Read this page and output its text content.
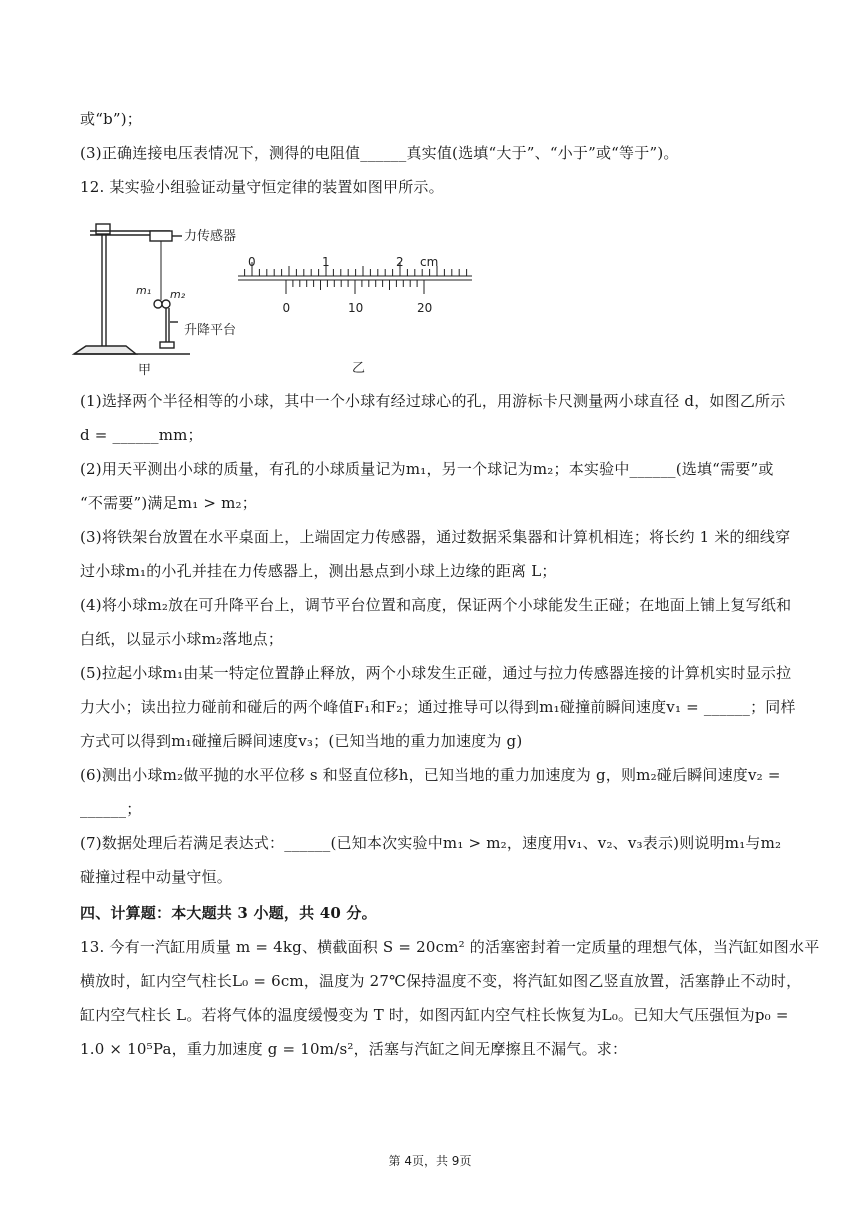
或“b”)；
(3)正确连接电压表情况下，测得的电阻值______真实值(选填“大于”、“小于”或“等于”)。
12. 某实验小组验证动量守恒定律的装置如图甲所示。
力传感器
升降平台
m₁ m₂
甲
0	1	2
0	10	20
cm
乙
(1)选择两个半径相等的小球，其中一个小球有经过球心的孔，用游标卡尺测量两小球直径 d，如图乙所示
d = ______mm；
(2)用天平测出小球的质量，有孔的小球质量记为m₁，另一个球记为m₂；本实验中______(选填“需要”或
“不需要”)满足m₁ > m₂；
(3)将铁架台放置在水平桌面上，上端固定力传感器，通过数据采集器和计算机相连；将长约 1 米的细线穿
过小球m₁的小孔并挂在力传感器上，测出悬点到小球上边缘的距离 L；
(4)将小球m₂放在可升降平台上，调节平台位置和高度，保证两个小球能发生正碰；在地面上铺上复写纸和
白纸，以显示小球m₂落地点；
(5)拉起小球m₁由某一特定位置静止释放，两个小球发生正碰，通过与拉力传感器连接的计算机实时显示拉
力大小；读出拉力碰前和碰后的两个峰值F₁和F₂；通过推导可以得到m₁碰撞前瞬间速度v₁ = ______；同样
方式可以得到m₁碰撞后瞬间速度v₃；(已知当地的重力加速度为 g)
(6)测出小球m₂做平抛的水平位移 s 和竖直位移h，已知当地的重力加速度为 g，则m₂碰后瞬间速度v₂ =
______；
(7)数据处理后若满足表达式：______(已知本次实验中m₁ > m₂，速度用v₁、v₂、v₃表示)则说明m₁与m₂
碰撞过程中动量守恒。
四、计算题：本大题共 3 小题，共 40 分。
13. 今有一汽缸用质量 m = 4kg、横截面积 S = 20cm² 的活塞密封着一定质量的理想气体，当汽缸如图水平
横放时，缸内空气柱长L₀ = 6cm，温度为 27℃保持温度不变，将汽缸如图乙竖直放置，活塞静止不动时，
缸内空气柱长 L。若将气体的温度缓慢变为 T 时，如图丙缸内空气柱长恢复为L₀。已知大气压强恒为p₀ =
1.0 × 10⁵Pa，重力加速度 g = 10m/s²，活塞与汽缸之间无摩擦且不漏气。求：
第 4页，共 9页
